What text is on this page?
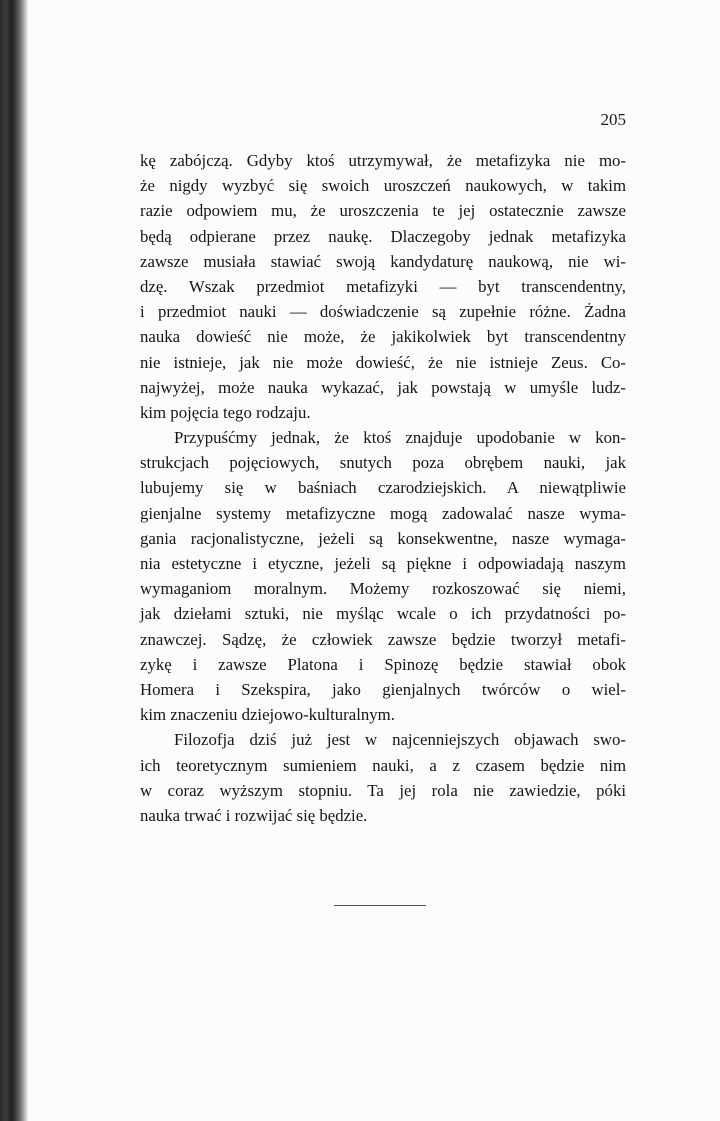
205

kę zabójczą. Gdyby ktoś utrzymywał, że metafizyka nie mo-
że nigdy wyzbyć się swoich uroszczeń naukowych, w takim
razie odpowiem mu, że uroszczenia te jej ostatecznie zawsze
będą odpierane przez naukę. Dlaczegoby jednak metafizyka
zawsze musiała stawiać swoją kandydaturę naukową, nie wi-
dzę. Wszak przedmiot metafizyki — byt transcendentny,
i przedmiot nauki — doświadczenie są zupełnie różne. Żadna
nauka dowieść nie może, że jakikolwiek byt transcendentny
nie istnieje, jak nie może dowieść, że nie istnieje Zeus. Co-
najwyżej, może nauka wykazać, jak powstają w umyśle ludz-
kim pojęcia tego rodzaju.

Przypuśćmy jednak, że ktoś znajduje upodobanie w kon-
strukcjach pojęciowych, snutych poza obrębem nauki, jak
lubujemy się w baśniach czarodziejskich. A niewątpliwie
gienjalne systemy metafizyczne mogą zadowalać nasze wyma-
gania racjonalistyczne, jeżeli są konsekwentne, nasze wymaga-
nia estetyczne i etyczne, jeżeli są piękne i odpowiadają naszym
wymaganiom moralnym. Możemy rozkoszować się niemi,
jak dziełami sztuki, nie myśląc wcale o ich przydatności po-
znawczej. Sądzę, że człowiek zawsze będzie tworzył metafi-
zykę i zawsze Platona i Spinozę będzie stawiał obok
Homera i Szekspira, jako gienjalnych twórców o wiel-
kim znaczeniu dziejowo-kulturalnym.

Filozofja dziś już jest w najcenniejszych objawach swo-
ich teoretycznym sumieniem nauki, a z czasem będzie nim
w coraz wyższym stopniu. Ta jej rola nie zawiedzie, póki
nauka trwać i rozwijać się będzie.
